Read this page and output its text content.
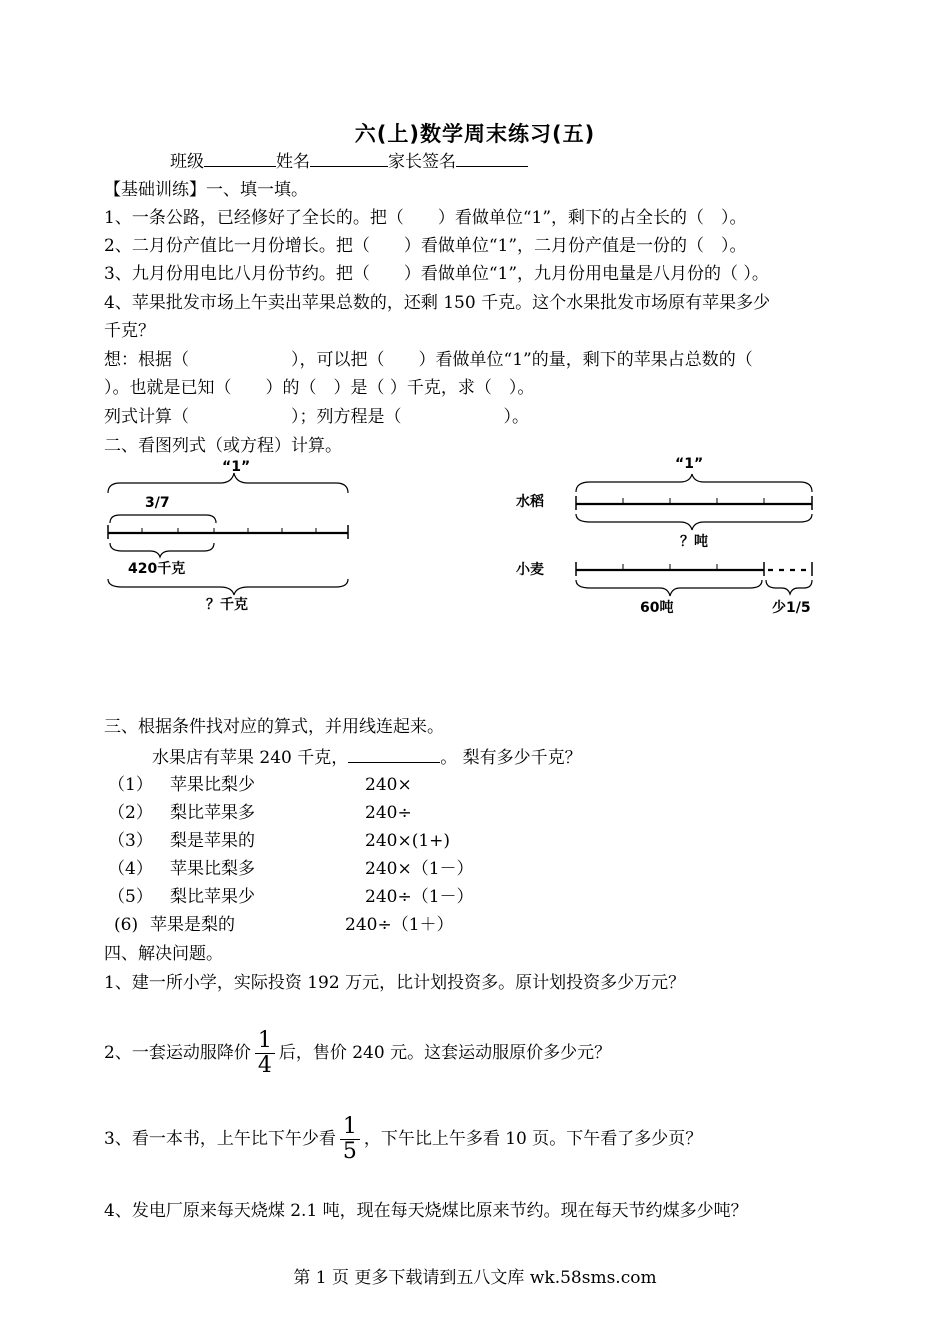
六(上)数学周末练习(五)
班级	姓名	家长签名
【基础训练】一、填一填。
1、一条公路，已经修好了全长的。把（　　）看做单位“1”，剩下的占全长的（　）。
2、二月份产值比一月份增长。把（　　）看做单位“1”，二月份产值是一份的（　）。
3、九月份用电比八月份节约。把（　　）看做单位“1”，九月份用电量是八月份的（ ）。
4、苹果批发市场上午卖出苹果总数的，还剩 150 千克。这个水果批发市场原有苹果多少
千克？
想：根据（　　　　　　），可以把（　　）看做单位“1”的量，剩下的苹果占总数的（
）。也就是已知（　　）的（　）是（ ）千克，求（　）。
列式计算（　　　　　　）；列方程是（　　　　　　）。
二、看图列式（或方程）计算。
“1”
3/7
420千克
？千克
“1”
水稻
？吨
小麦
60吨	少1/5
三、根据条件找对应的算式，并用线连起来。
水果店有苹果 240 千克，	。 梨有多少千克？
（1） 苹果比梨少	240×
（2） 梨比苹果多	240÷
（3） 梨是苹果的	240×(1+)
（4） 苹果比梨多	240×（1－）
（5） 梨比苹果少	240÷（1－）
(6) 苹果是梨的	240÷（1＋）
四、解决问题。
1、建一所小学，实际投资 192 万元，比计划投资多。原计划投资多少万元？
2、一套运动服降价 $\frac{1}{4}$ 后，售价 240 元。这套运动服原价多少元？
3、看一本书，上午比下午少看 $\frac{1}{5}$ ，下午比上午多看 10 页。下午看了多少页？
4、发电厂原来每天烧煤 2.1 吨，现在每天烧煤比原来节约。现在每天节约煤多少吨？
第 1 页 更多下载请到五八文库 wk.58sms.com
